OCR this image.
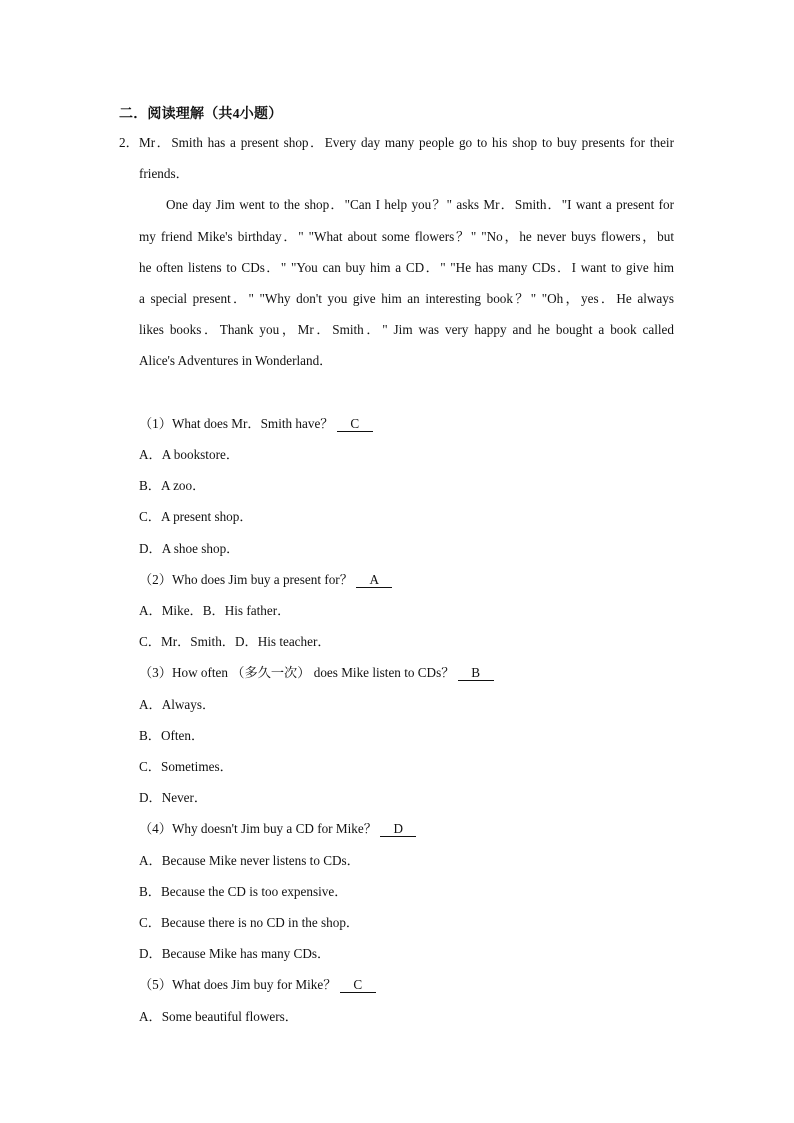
二．阅读理解（共4小题）
2． Mr．Smith has a present shop．Every day many people go to his shop to buy presents for their
friends．
One day Jim went to the shop．"Can I help you？" asks Mr．Smith．"I want a present for
my friend Mike's birthday．" "What about some flowers？" "No，he never buys flowers，but
he often listens to CDs．" "You can buy him a CD．" "He has many CDs．I want to give him
a special present．" "Why don't you give him an interesting book？" "Oh，yes．He always
likes books．Thank you，Mr．Smith．" Jim was very happy and he bought a book called
Alice's Adventures in Wonderland．
（1）What does Mr．Smith have？ C
A．A bookstore．
B．A zoo．
C．A present shop．
D．A shoe shop．
（2）Who does Jim buy a present for？ A
A．Mike．B．His father．
C．Mr．Smith．D．His teacher．
（3）How often （多久一次） does Mike listen to CDs？ B
A．Always．
B．Often．
C．Sometimes．
D．Never．
（4）Why doesn't Jim buy a CD for Mike？ D
A．Because Mike never listens to CDs．
B．Because the CD is too expensive．
C．Because there is no CD in the shop．
D．Because Mike has many CDs．
（5）What does Jim buy for Mike？ C
A．Some beautiful flowers．
